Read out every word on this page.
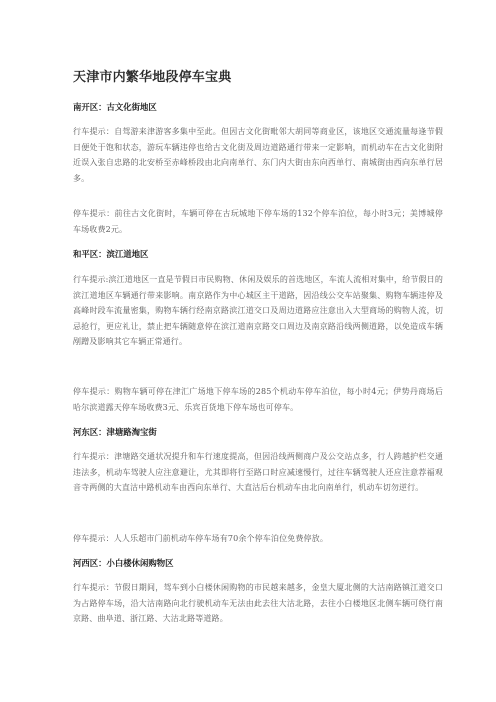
天津市内繁华地段停车宝典
南开区：古文化街地区
行车提示：自驾游来津游客多集中至此。但因古文化街毗邻大胡同等商业区，该地区交通流量每逢节假日便处于饱和状态，游玩车辆违停也给古文化街及周边道路通行带来一定影响，而机动车在古文化街附近误入张自忠路的北安桥至赤峰桥段由北向南单行、东门内大街由东向西单行、南城街由西向东单行居多。
停车提示：前往古文化街时，车辆可停在古玩城地下停车场的132个停车泊位，每小时3元；美博城停车场收费2元。
和平区：滨江道地区
行车提示:滨江道地区一直是节假日市民购物、休闲及娱乐的首选地区，车流人流相对集中，给节假日的滨江道地区车辆通行带来影响。南京路作为中心城区主干道路，因沿线公交车站聚集、购物车辆违停及高峰时段车流量密集，购物车辆行经南京路滨江道交口及周边道路应注意出入大型商场的购物人流，切忌抢行，更应礼让，禁止把车辆随意停在滨江道南京路交口周边及南京路沿线两侧道路，以免造成车辆剐蹭及影响其它车辆正常通行。
停车提示：购物车辆可停在津汇广场地下停车场的285个机动车停车泊位，每小时4元；伊势丹商场后哈尔滨道露天停车场收费3元、乐宾百货地下停车场也可停车。
河东区：津塘路淘宝街
行车提示：津塘路交通状况提升和车行速度提高，但因沿线两侧商户及公交站点多，行人跨越护栏交通违法多，机动车驾驶人应注意避让，尤其即将行至路口时应减速慢行，过往车辆驾驶人还应注意荐福观音寺两侧的大直沽中路机动车由西向东单行、大直沽后台机动车由北向南单行，机动车切勿逆行。
停车提示：人人乐超市门前机动车停车场有70余个停车泊位免费停放。
河西区：小白楼休闲购物区
行车提示：节假日期间，驾车到小白楼休闲购物的市民越来越多，金皇大厦北侧的大沽南路镇江道交口为占路停车场，沿大沽南路向北行驶机动车无法由此去往大沽北路，去往小白楼地区北侧车辆可绕行南京路、曲阜道、浙江路、大沽北路等道路。
